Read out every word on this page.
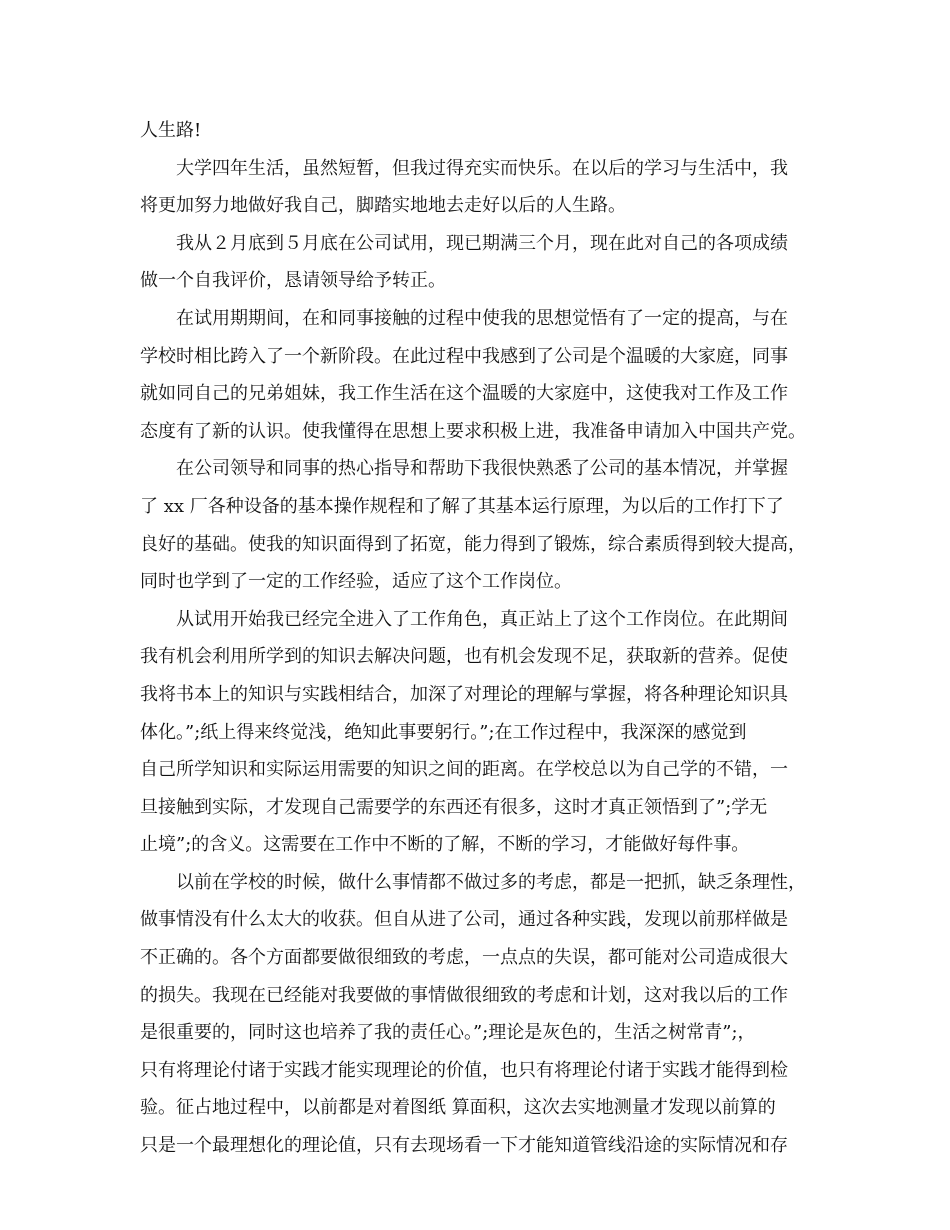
人生路!
大学四年生活，虽然短暂，但我过得充实而快乐。在以后的学习与生活中，我
将更加努力地做好我自己，脚踏实地地去走好以后的人生路。
我从２月底到５月底在公司试用，现已期满三个月，现在此对自己的各项成绩
做一个自我评价，恳请领导给予转正。
在试用期期间，在和同事接触的过程中使我的思想觉悟有了一定的提高，与在
学校时相比跨入了一个新阶段。在此过程中我感到了公司是个温暖的大家庭，同事
就如同自己的兄弟姐妹，我工作生活在这个温暖的大家庭中，这使我对工作及工作
态度有了新的认识。使我懂得在思想上要求积极上进，我准备申请加入中国共产党。
在公司领导和同事的热心指导和帮助下我很快熟悉了公司的基本情况，并掌握
了 xx 厂各种设备的基本操作规程和了解了其基本运行原理，为以后的工作打下了
良好的基础。使我的知识面得到了拓宽，能力得到了锻炼，综合素质得到较大提高，
同时也学到了一定的工作经验，适应了这个工作岗位。
从试用开始我已经完全进入了工作角色，真正站上了这个工作岗位。在此期间
我有机会利用所学到的知识去解决问题，也有机会发现不足，获取新的营养。促使
我将书本上的知识与实践相结合，加深了对理论的理解与掌握，将各种理论知识具
体化。”;纸上得来终觉浅，绝知此事要躬行。”;在工作过程中，我深深的感觉到
自己所学知识和实际运用需要的知识之间的距离。在学校总以为自己学的不错，一
旦接触到实际，才发现自己需要学的东西还有很多，这时才真正领悟到了”;学无
止境”;的含义。这需要在工作中不断的了解，不断的学习，才能做好每件事。
以前在学校的时候，做什么事情都不做过多的考虑，都是一把抓，缺乏条理性，
做事情没有什么太大的收获。但自从进了公司，通过各种实践，发现以前那样做是
不正确的。各个方面都要做很细致的考虑，一点点的失误，都可能对公司造成很大
的损失。我现在已经能对我要做的事情做很细致的考虑和计划，这对我以后的工作
是很重要的，同时这也培养了我的责任心。”;理论是灰色的，生活之树常青”;，
只有将理论付诸于实践才能实现理论的价值，也只有将理论付诸于实践才能得到检
验。征占地过程中，以前都是对着图纸 算面积，这次去实地测量才发现以前算的
只是一个最理想化的理论值，只有去现场看一下才能知道管线沿途的实际情况和存
